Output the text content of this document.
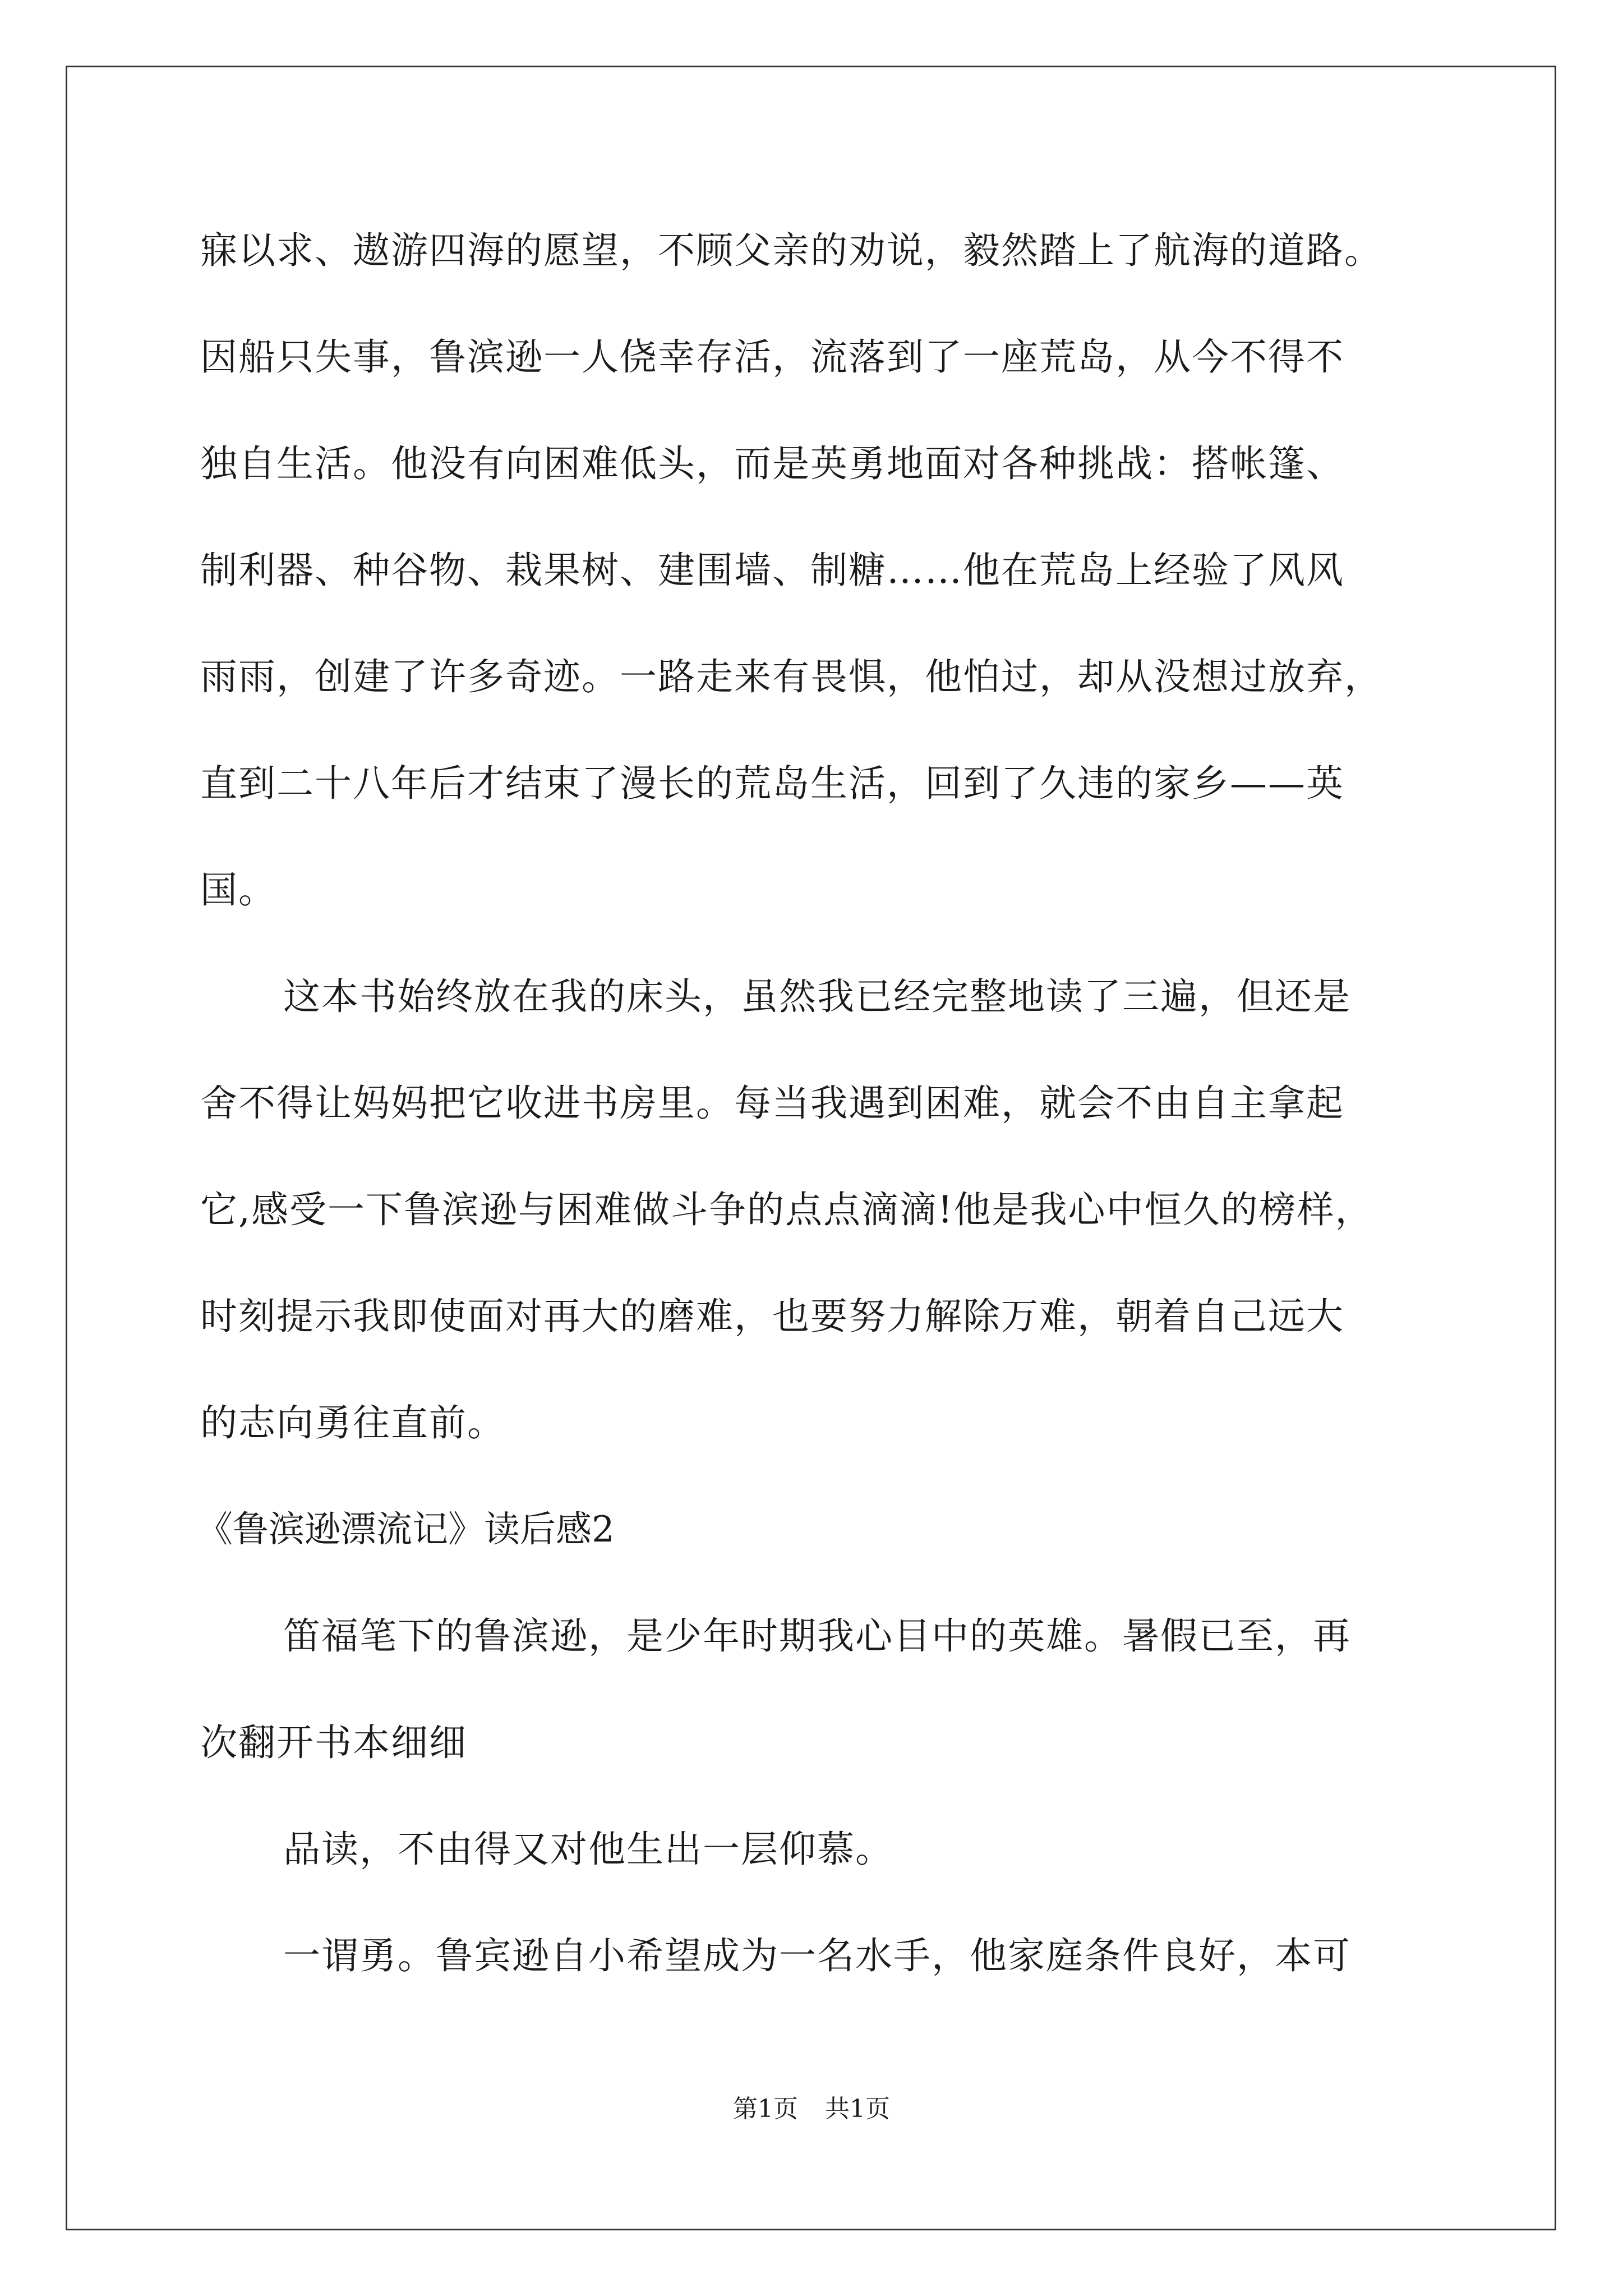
寐以求、遨游四海的愿望，不顾父亲的劝说，毅然踏上了航海的道路。
因船只失事，鲁滨逊一人侥幸存活，流落到了一座荒岛，从今不得不
独自生活。他没有向困难低头，而是英勇地面对各种挑战：搭帐篷、
制利器、种谷物、栽果树、建围墙、制糖……他在荒岛上经验了风风
雨雨，创建了许多奇迹。一路走来有畏惧，他怕过，却从没想过放弃，
直到二十八年后才结束了漫长的荒岛生活，回到了久违的家乡——英
国。
这本书始终放在我的床头，虽然我已经完整地读了三遍，但还是
舍不得让妈妈把它收进书房里。每当我遇到困难，就会不由自主拿起
它,感受一下鲁滨逊与困难做斗争的点点滴滴!他是我心中恒久的榜样，
时刻提示我即使面对再大的磨难，也要努力解除万难，朝着自己远大
的志向勇往直前。
《鲁滨逊漂流记》读后感2
笛福笔下的鲁滨逊，是少年时期我心目中的英雄。暑假已至，再
次翻开书本细细
品读，不由得又对他生出一层仰慕。
一谓勇。鲁宾逊自小希望成为一名水手，他家庭条件良好，本可
第1页 共1页
